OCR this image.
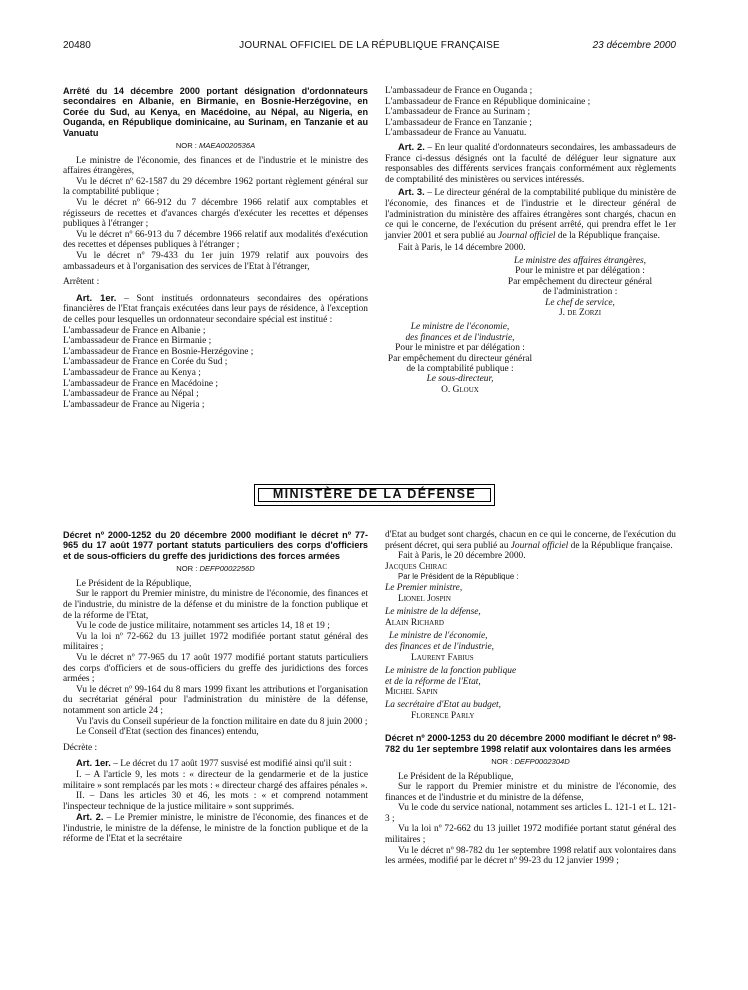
20480	JOURNAL OFFICIEL DE LA RÉPUBLIQUE FRANÇAISE	23 décembre 2000

Arrêté du 14 décembre 2000 portant désignation d'ordonnateurs secondaires en Albanie, en Birmanie, en Bosnie-Herzégovine, en Corée du Sud, au Kenya, en Macédoine, au Népal, au Nigeria, en Ouganda, en République dominicaine, au Surinam, en Tanzanie et au Vanuatu

NOR : MAEA0020536A

Le ministre de l'économie, des finances et de l'industrie et le ministre des affaires étrangères,

Vu le décret nº 62-1587 du 29 décembre 1962 portant règlement général sur la comptabilité publique ;

Vu le décret nº 66-912 du 7 décembre 1966 relatif aux comptables et régisseurs de recettes et d'avances chargés d'exécuter les recettes et dépenses publiques à l'étranger ;

Vu le décret nº 66-913 du 7 décembre 1966 relatif aux modalités d'exécution des recettes et dépenses publiques à l'étranger ;

Vu le décret nº 79-433 du 1er juin 1979 relatif aux pouvoirs des ambassadeurs et à l'organisation des services de l'Etat à l'étranger,

Arrêtent :

Art. 1er. – Sont institués ordonnateurs secondaires des opérations financières de l'Etat français exécutées dans leur pays de résidence, à l'exception de celles pour lesquelles un ordonnateur secondaire spécial est institué :

L'ambassadeur de France en Albanie ;

L'ambassadeur de France en Birmanie ;

L'ambassadeur de France en Bosnie-Herzégovine ;

L'ambassadeur de France en Corée du Sud ;

L'ambassadeur de France au Kenya ;

L'ambassadeur de France en Macédoine ;

L'ambassadeur de France au Népal ;

L'ambassadeur de France au Nigeria ;

L'ambassadeur de France en Ouganda ;

L'ambassadeur de France en République dominicaine ;

L'ambassadeur de France au Surinam ;

L'ambassadeur de France en Tanzanie ;

L'ambassadeur de France au Vanuatu.

Art. 2. – En leur qualité d'ordonnateurs secondaires, les ambassadeurs de France ci-dessus désignés ont la faculté de déléguer leur signature aux responsables des différents services français conformément aux règlements de comptabilité des ministères ou services intéressés.

Art. 3. – Le directeur général de la comptabilité publique du ministère de l'économie, des finances et de l'industrie et le directeur général de l'administration du ministère des affaires étrangères sont chargés, chacun en ce qui le concerne, de l'exécution du présent arrêté, qui prendra effet le 1er janvier 2001 et sera publié au Journal officiel de la République française.

Fait à Paris, le 14 décembre 2000.

Le ministre des affaires étrangères,

Pour le ministre et par délégation :

Par empêchement du directeur général

de l'administration :

Le chef de service,

J. de Zorzi

Le ministre de l'économie,

des finances et de l'industrie,

Pour le ministre et par délégation :

Par empêchement du directeur général

de la comptabilité publique :

Le sous-directeur,

O. Gloux

MINISTÈRE DE LA DÉFENSE

Décret nº 2000-1252 du 20 décembre 2000 modifiant le décret nº 77-965 du 17 août 1977 portant statuts particuliers des corps d'officiers et de sous-officiers du greffe des juridictions des forces armées

NOR : DEFP0002256D

Le Président de la République,

Sur le rapport du Premier ministre, du ministre de l'économie, des finances et de l'industrie, du ministre de la défense et du ministre de la fonction publique et de la réforme de l'Etat,

Vu le code de justice militaire, notamment ses articles 14, 18 et 19 ;

Vu la loi nº 72-662 du 13 juillet 1972 modifiée portant statut général des militaires ;

Vu le décret nº 77-965 du 17 août 1977 modifié portant statuts particuliers des corps d'officiers et de sous-officiers du greffe des juridictions des forces armées ;

Vu le décret nº 99-164 du 8 mars 1999 fixant les attributions et l'organisation du secrétariat général pour l'administration du ministère de la défense, notamment son article 24 ;

Vu l'avis du Conseil supérieur de la fonction militaire en date du 8 juin 2000 ;

Le Conseil d'Etat (section des finances) entendu,

Décrète :

Art. 1er. – Le décret du 17 août 1977 susvisé est modifié ainsi qu'il suit :

I. – A l'article 9, les mots : « directeur de la gendarmerie et de la justice militaire » sont remplacés par les mots : « directeur chargé des affaires pénales ».

II. – Dans les articles 30 et 46, les mots : « et comprend notamment l'inspecteur technique de la justice militaire » sont supprimés.

Art. 2. – Le Premier ministre, le ministre de l'économie, des finances et de l'industrie, le ministre de la défense, le ministre de la fonction publique et de la réforme de l'Etat et la secrétaire

d'Etat au budget sont chargés, chacun en ce qui le concerne, de l'exécution du présent décret, qui sera publié au Journal officiel de la République française.

Fait à Paris, le 20 décembre 2000.

Jacques Chirac

Par le Président de la République :

Le Premier ministre,

Lionel Jospin

Le ministre de la défense,

Alain Richard

Le ministre de l'économie,

des finances et de l'industrie,

Laurent Fabius

Le ministre de la fonction publique

et de la réforme de l'Etat,

Michel Sapin

La secrétaire d'Etat au budget,

Florence Parly

Décret nº 2000-1253 du 20 décembre 2000 modifiant le décret nº 98-782 du 1er septembre 1998 relatif aux volontaires dans les armées

NOR : DEFP0002304D

Le Président de la République,

Sur le rapport du Premier ministre et du ministre de l'économie, des finances et de l'industrie et du ministre de la défense,

Vu le code du service national, notamment ses articles L. 121-1 et L. 121-3 ;

Vu la loi nº 72-662 du 13 juillet 1972 modifiée portant statut général des militaires ;

Vu le décret nº 98-782 du 1er septembre 1998 relatif aux volontaires dans les armées, modifié par le décret nº 99-23 du 12 janvier 1999 ;
